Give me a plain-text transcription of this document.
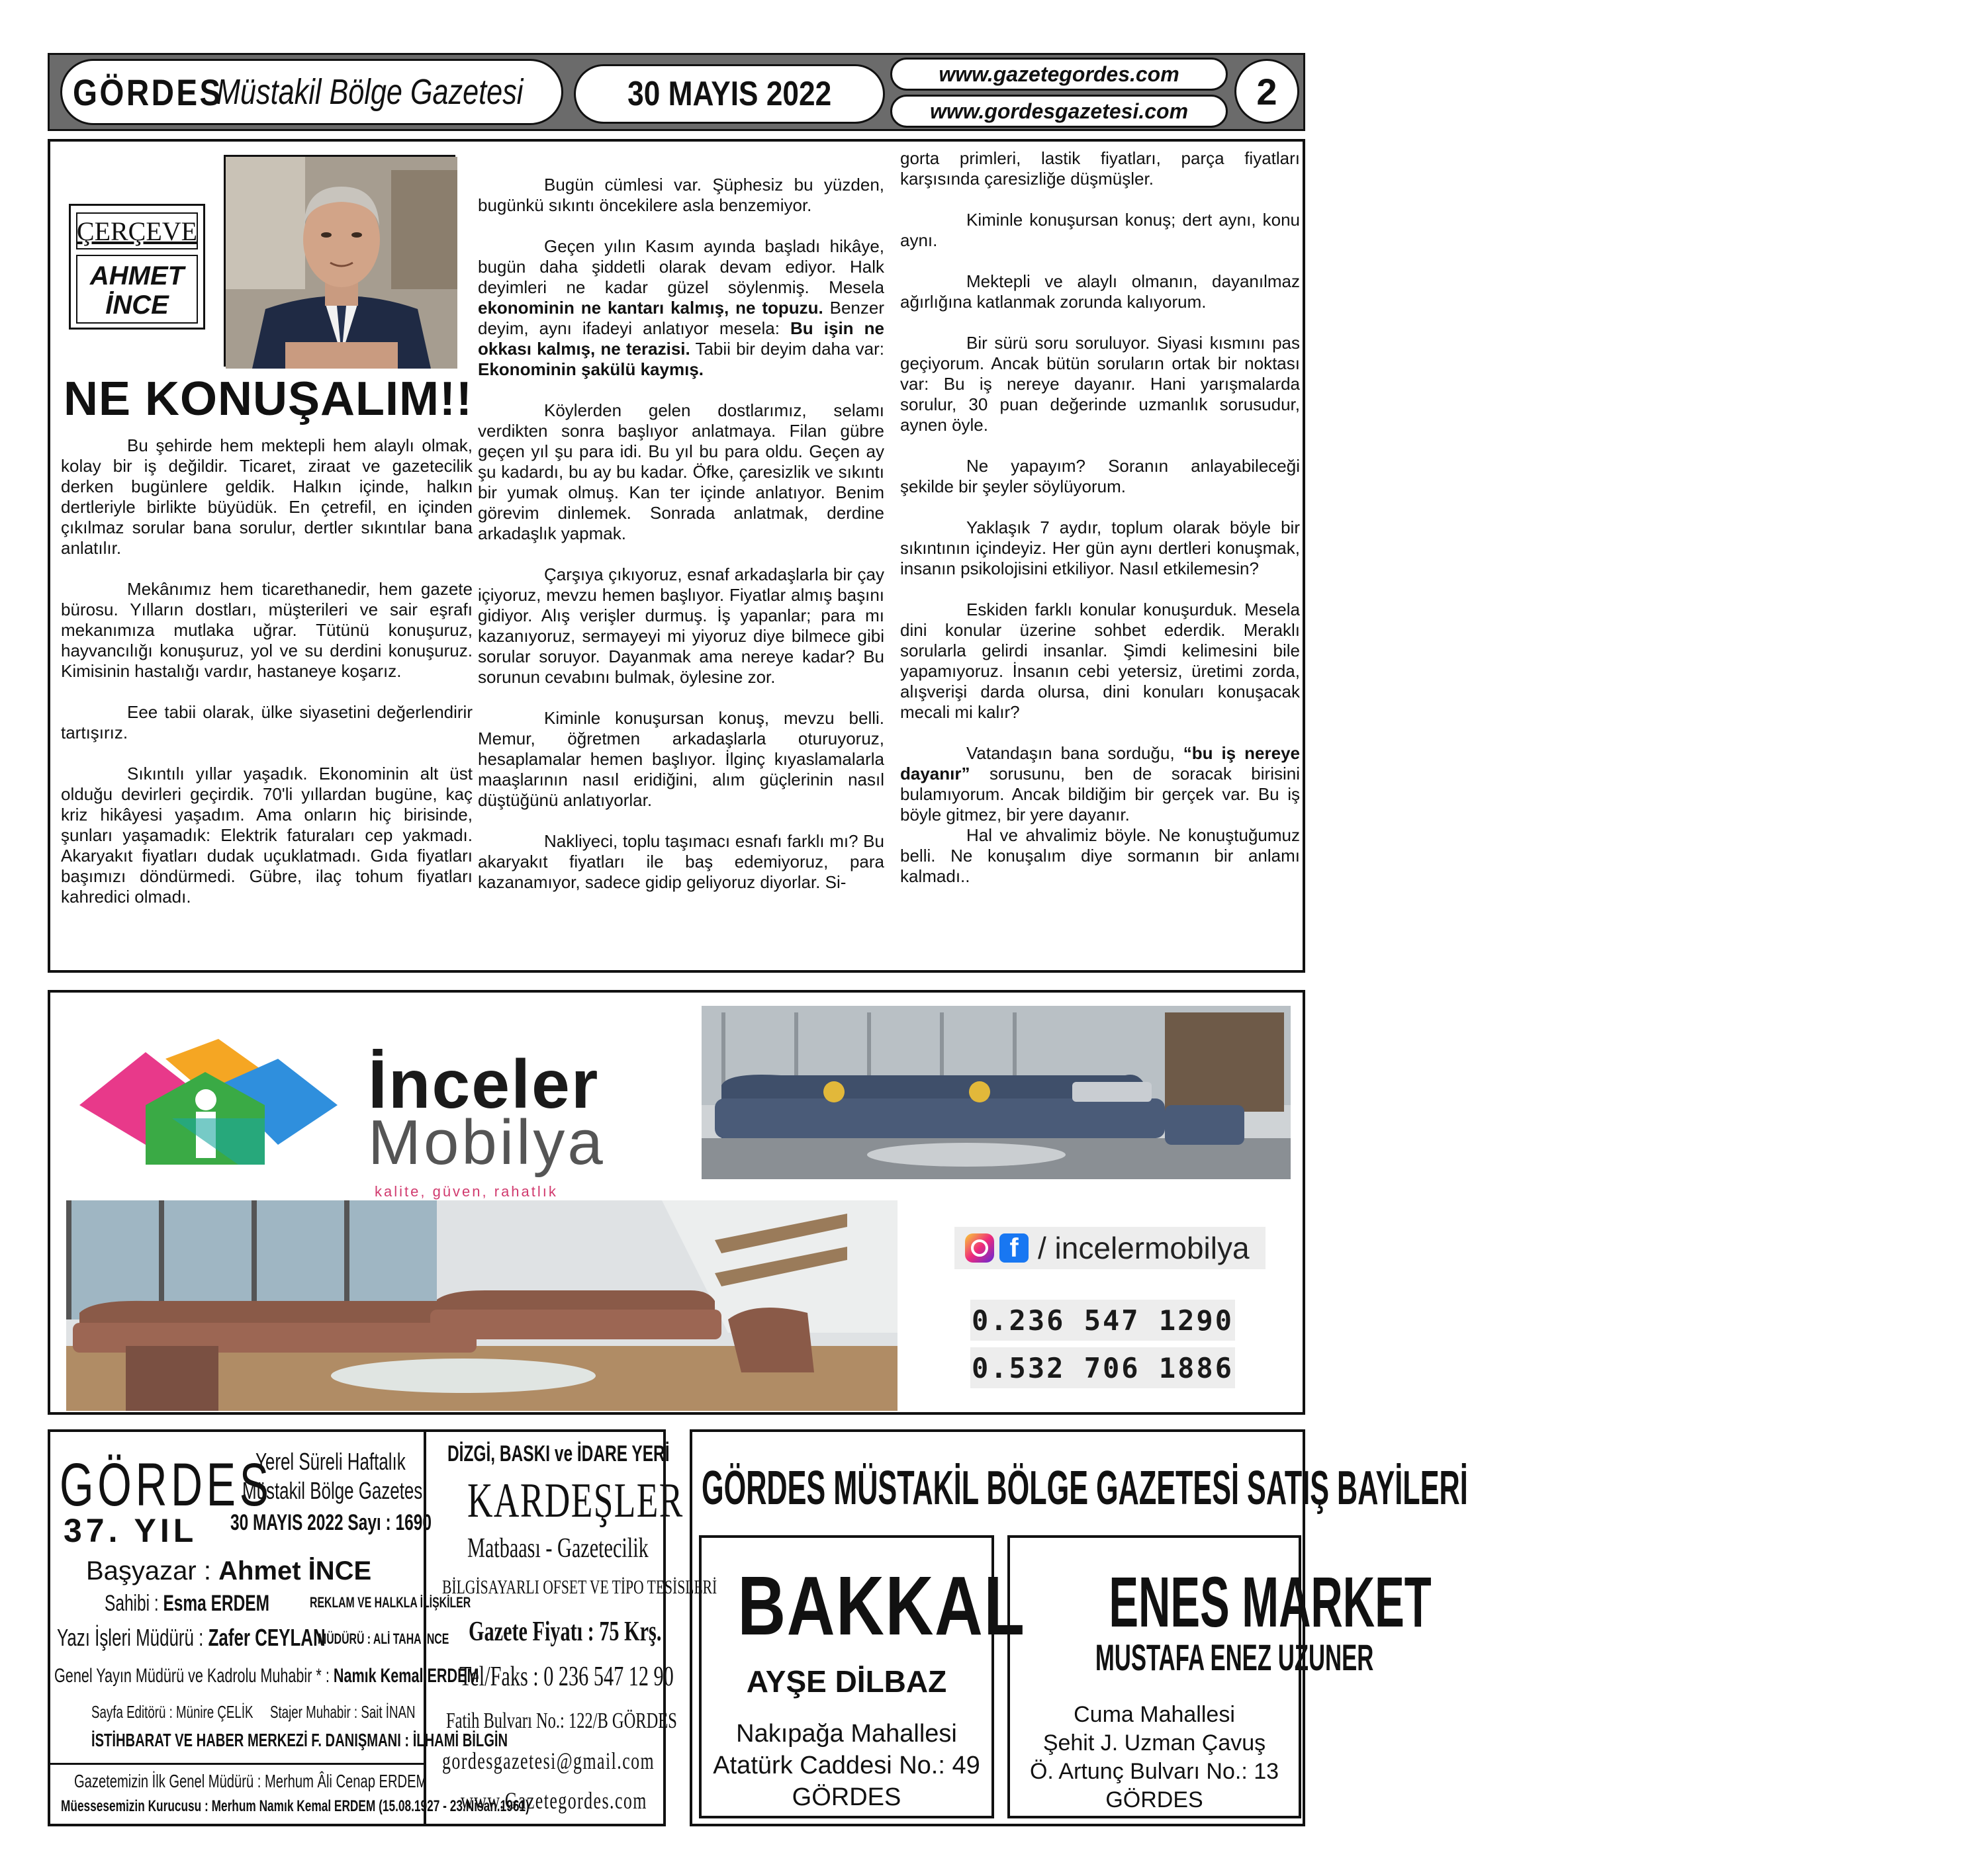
GÖRDES
Müstakil Bölge Gazetesi	30 MAYIS 2022
www.gazetegordes.com
www.gordesgazetesi.com	2
ÇERÇEVE
AHMET
İNCE
NE KONUŞALIM!!

Bu şehirde hem mektepli hem alaylı olmak, kolay bir iş değildir. Ticaret, ziraat ve gazetecilik derken bugünlere geldik. Halkın içinde, halkın dertleriyle birlikte büyüdük. En çetrefil, en içinden çıkılmaz sorular bana sorulur, dertler sıkıntılar bana anlatılır.

Mekânımız hem ticarethanedir, hem gazete bürosu. Yılların dostları, müşterileri ve sair eşrafı mekanımıza mutlaka uğrar. Tütünü konuşuruz, hayvancılığı konuşuruz, yol ve su derdini konuşuruz. Kimisinin hastalığı vardır, hastaneye koşarız.

Eee tabii olarak, ülke siyasetini değerlendirir tartışırız.

Sıkıntılı yıllar yaşadık. Ekonominin alt üst olduğu devirleri geçirdik. 70'li yıllardan bugüne, kaç kriz hikâyesi yaşadım. Ama onların hiç birisinde, şunları yaşamadık: Elektrik faturaları cep yakmadı. Akaryakıt fiyatları dudak uçuklatmadı. Gıda fiyatları başımızı döndürmedi. Gübre, ilaç tohum fiyatları kahredici olmadı.

Bugün cümlesi var. Şüphesiz bu yüzden, bugünkü sıkıntı öncekilere asla benzemiyor.

Geçen yılın Kasım ayında başladı hikâye, bugün daha şiddetli olarak devam ediyor. Halk deyimleri ne kadar güzel söylenmiş. Mesela ekonominin ne kantarı kalmış, ne topuzu. Benzer deyim, aynı ifadeyi anlatıyor mesela: Bu işin ne okkası kalmış, ne terazisi. Tabii bir deyim daha var: Ekonominin şakülü kaymış.

Köylerden gelen dostlarımız, selamı verdikten sonra başlıyor anlatmaya. Filan gübre geçen yıl şu para idi. Bu yıl bu para oldu. Geçen ay şu kadardı, bu ay bu kadar. Öfke, çaresizlik ve sıkıntı bir yumak olmuş. Kan ter içinde anlatıyor. Benim görevim dinlemek. Sonrada anlatmak, derdine arkadaşlık yapmak.

Çarşıya çıkıyoruz, esnaf arkadaşlarla bir çay içiyoruz, mevzu hemen başlıyor. Fiyatlar almış başını gidiyor. Alış verişler durmuş. İş yapanlar; para mı kazanıyoruz, sermayeyi mi yiyoruz diye bilmece gibi sorular soruyor. Dayanmak ama nereye kadar? Bu sorunun cevabını bulmak, öylesine zor.

Kiminle konuşursan konuş, mevzu belli. Memur, öğretmen arkadaşlarla oturuyoruz, hesaplamalar hemen başlıyor. İlginç kıyaslamalarla maaşlarının nasıl eridiğini, alım güçlerinin nasıl düştüğünü anlatıyorlar.

Nakliyeci, toplu taşımacı esnafı farklı mı? Bu akaryakıt fiyatları ile baş edemiyoruz, para kazanamıyor, sadece gidip geliyoruz diyorlar. Si-

gorta primleri, lastik fiyatları, parça fiyatları karşısında çaresizliğe düşmüşler.

Kiminle konuşursan konuş; dert aynı, konu aynı.

Mektepli ve alaylı olmanın, dayanılmaz ağırlığına katlanmak zorunda kalıyorum.

Bir sürü soru soruluyor. Siyasi kısmını pas geçiyorum. Ancak bütün soruların ortak bir noktası var: Bu iş nereye dayanır. Hani yarışmalarda sorulur, 30 puan değerinde uzmanlık sorusudur, aynen öyle.

Ne yapayım? Soranın anlayabileceği şekilde bir şeyler söylüyorum.

Yaklaşık 7 aydır, toplum olarak böyle bir sıkıntının içindeyiz. Her gün aynı dertleri konuşmak, insanın psikolojisini etkiliyor. Nasıl etkilemesin?

Eskiden farklı konular konuşurduk. Mesela dini konular üzerine sohbet ederdik. Meraklı sorularla gelirdi insanlar. Şimdi kelimesini bile yapamıyoruz. İnsanın cebi yetersiz, üretimi zorda, alışverişi darda olursa, dini konuları konuşacak mecali mi kalır?

Vatandaşın bana sorduğu, “bu iş nereye dayanır” sorusunu, ben de soracak birisini bulamıyorum. Ancak bildiğim bir gerçek var. Bu iş böyle gitmez, bir yere dayanır.

Hal ve ahvalimiz böyle. Ne konuştuğumuz belli. Ne konuşalım diye sormanın bir anlamı kalmadı..

İnceler
Mobilya
kalite, güven, rahatlık
f / incelermobilya
0.236 547 1290
0.532 706 1886
GÖRDES
37. YIL
Yerel Süreli Haftalık
Müstakil Bölge Gazetesi
30 MAYIS 2022 Sayı : 1690
Başyazar : Ahmet İNCE
Sahibi : Esma ERDEM	REKLAM VE HALKLA İLİŞKİLER
Yazı İşleri Müdürü : Zafer CEYLAN
MÜDÜRÜ : ALİ TAHA İNCE
Genel Yayın Müdürü ve Kadrolu Muhabir * : Namık Kemal ERDEM
Sayfa Editörü : Münire ÇELİK Stajer Muhabir : Sait İNAN
İSTİHBARAT VE HABER MERKEZİ F. DANIŞMANI : İLHAMİ BİLGİN
Gazetemizin İlk Genel Müdürü : Merhum Âli Cenap ERDEM
Müessesemizin Kurucusu : Merhum Namık Kemal ERDEM (15.08.1927 - 23.Nisan.1961)
DİZGİ, BASKI ve İDARE YERİ
KARDEŞLER
Matbaası - Gazetecilik
BİLGİSAYARLI OFSET VE TİPO TESİSLERİ
Gazete Fiyatı : 75 Krş.
Tel/Faks : 0 236 547 12 90
Fatih Bulvarı No.: 122/B GÖRDES
gordesgazetesi@gmail.com
www.Gazetegordes.com
GÖRDES MÜSTAKİL BÖLGE GAZETESİ SATIŞ BAYİLERİ
BAKKAL
AYŞE DİLBAZ
Nakıpağa Mahallesi
Atatürk Caddesi No.: 49
GÖRDES
ENES MARKET
MUSTAFA ENEZ UZUNER
Cuma Mahallesi
Şehit J. Uzman Çavuş
Ö. Artunç Bulvarı No.: 13
GÖRDES
